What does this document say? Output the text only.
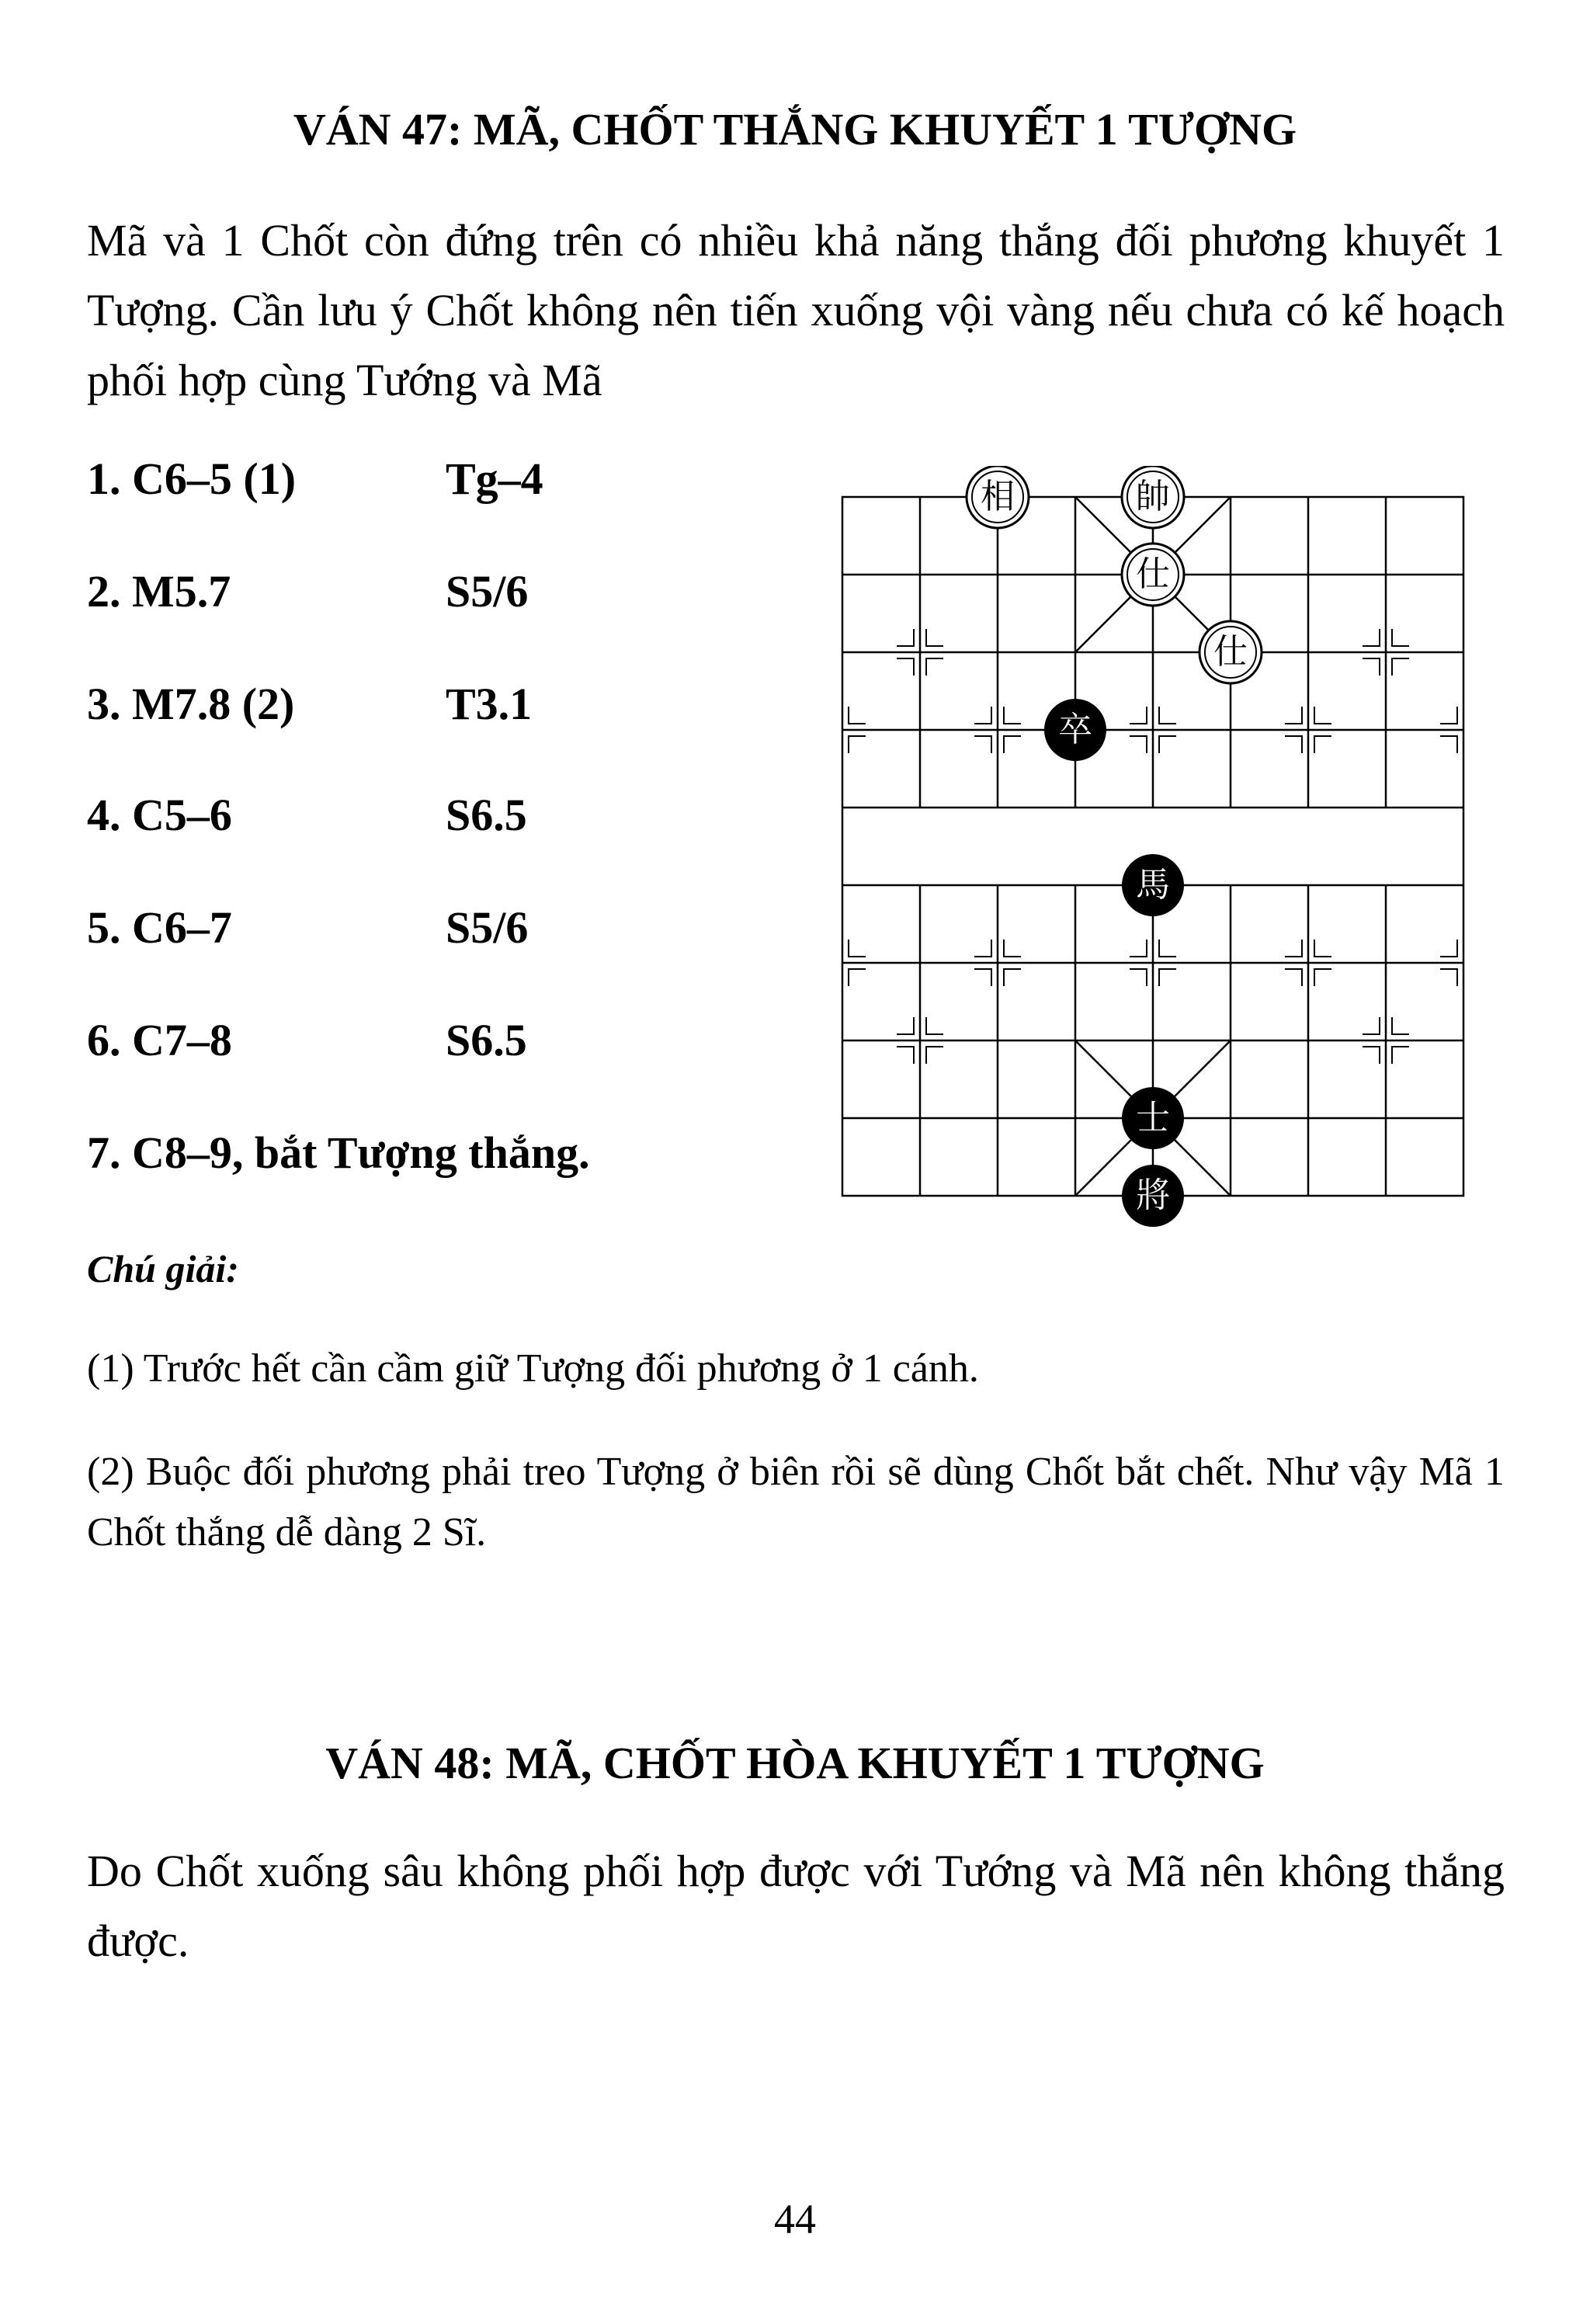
VÁN 47: MÃ, CHỐT THẮNG KHUYẾT 1 TƯỢNG

Mã và 1 Chốt còn đứng trên có nhiều khả năng thắng đối phương khuyết 1 Tượng. Cần lưu ý Chốt không nên tiến xuống vội vàng nếu chưa có kế hoạch phối hợp cùng Tướng và Mã

1. C6–5 (1)	Tg–4
2. M5.7	S5/6
3. M7.8 (2)	T3.1
4. C5–6	S6.5
5. C6–7	S5/6
6. C7–8	S6.5
7. C8–9, bắt Tượng thắng.
相	帥
仕
仕
卒
馬
士
將

Chú giải:

(1) Trước hết cần cầm giữ Tượng đối phương ở 1 cánh.

(2) Buộc đối phương phải treo Tượng ở biên rồi sẽ dùng Chốt bắt chết. Như vậy Mã 1 Chốt thắng dễ dàng 2 Sĩ.

VÁN 48: MÃ, CHỐT HÒA KHUYẾT 1 TƯỢNG

Do Chốt xuống sâu không phối hợp được với Tướng và Mã nên không thắng được.

44
